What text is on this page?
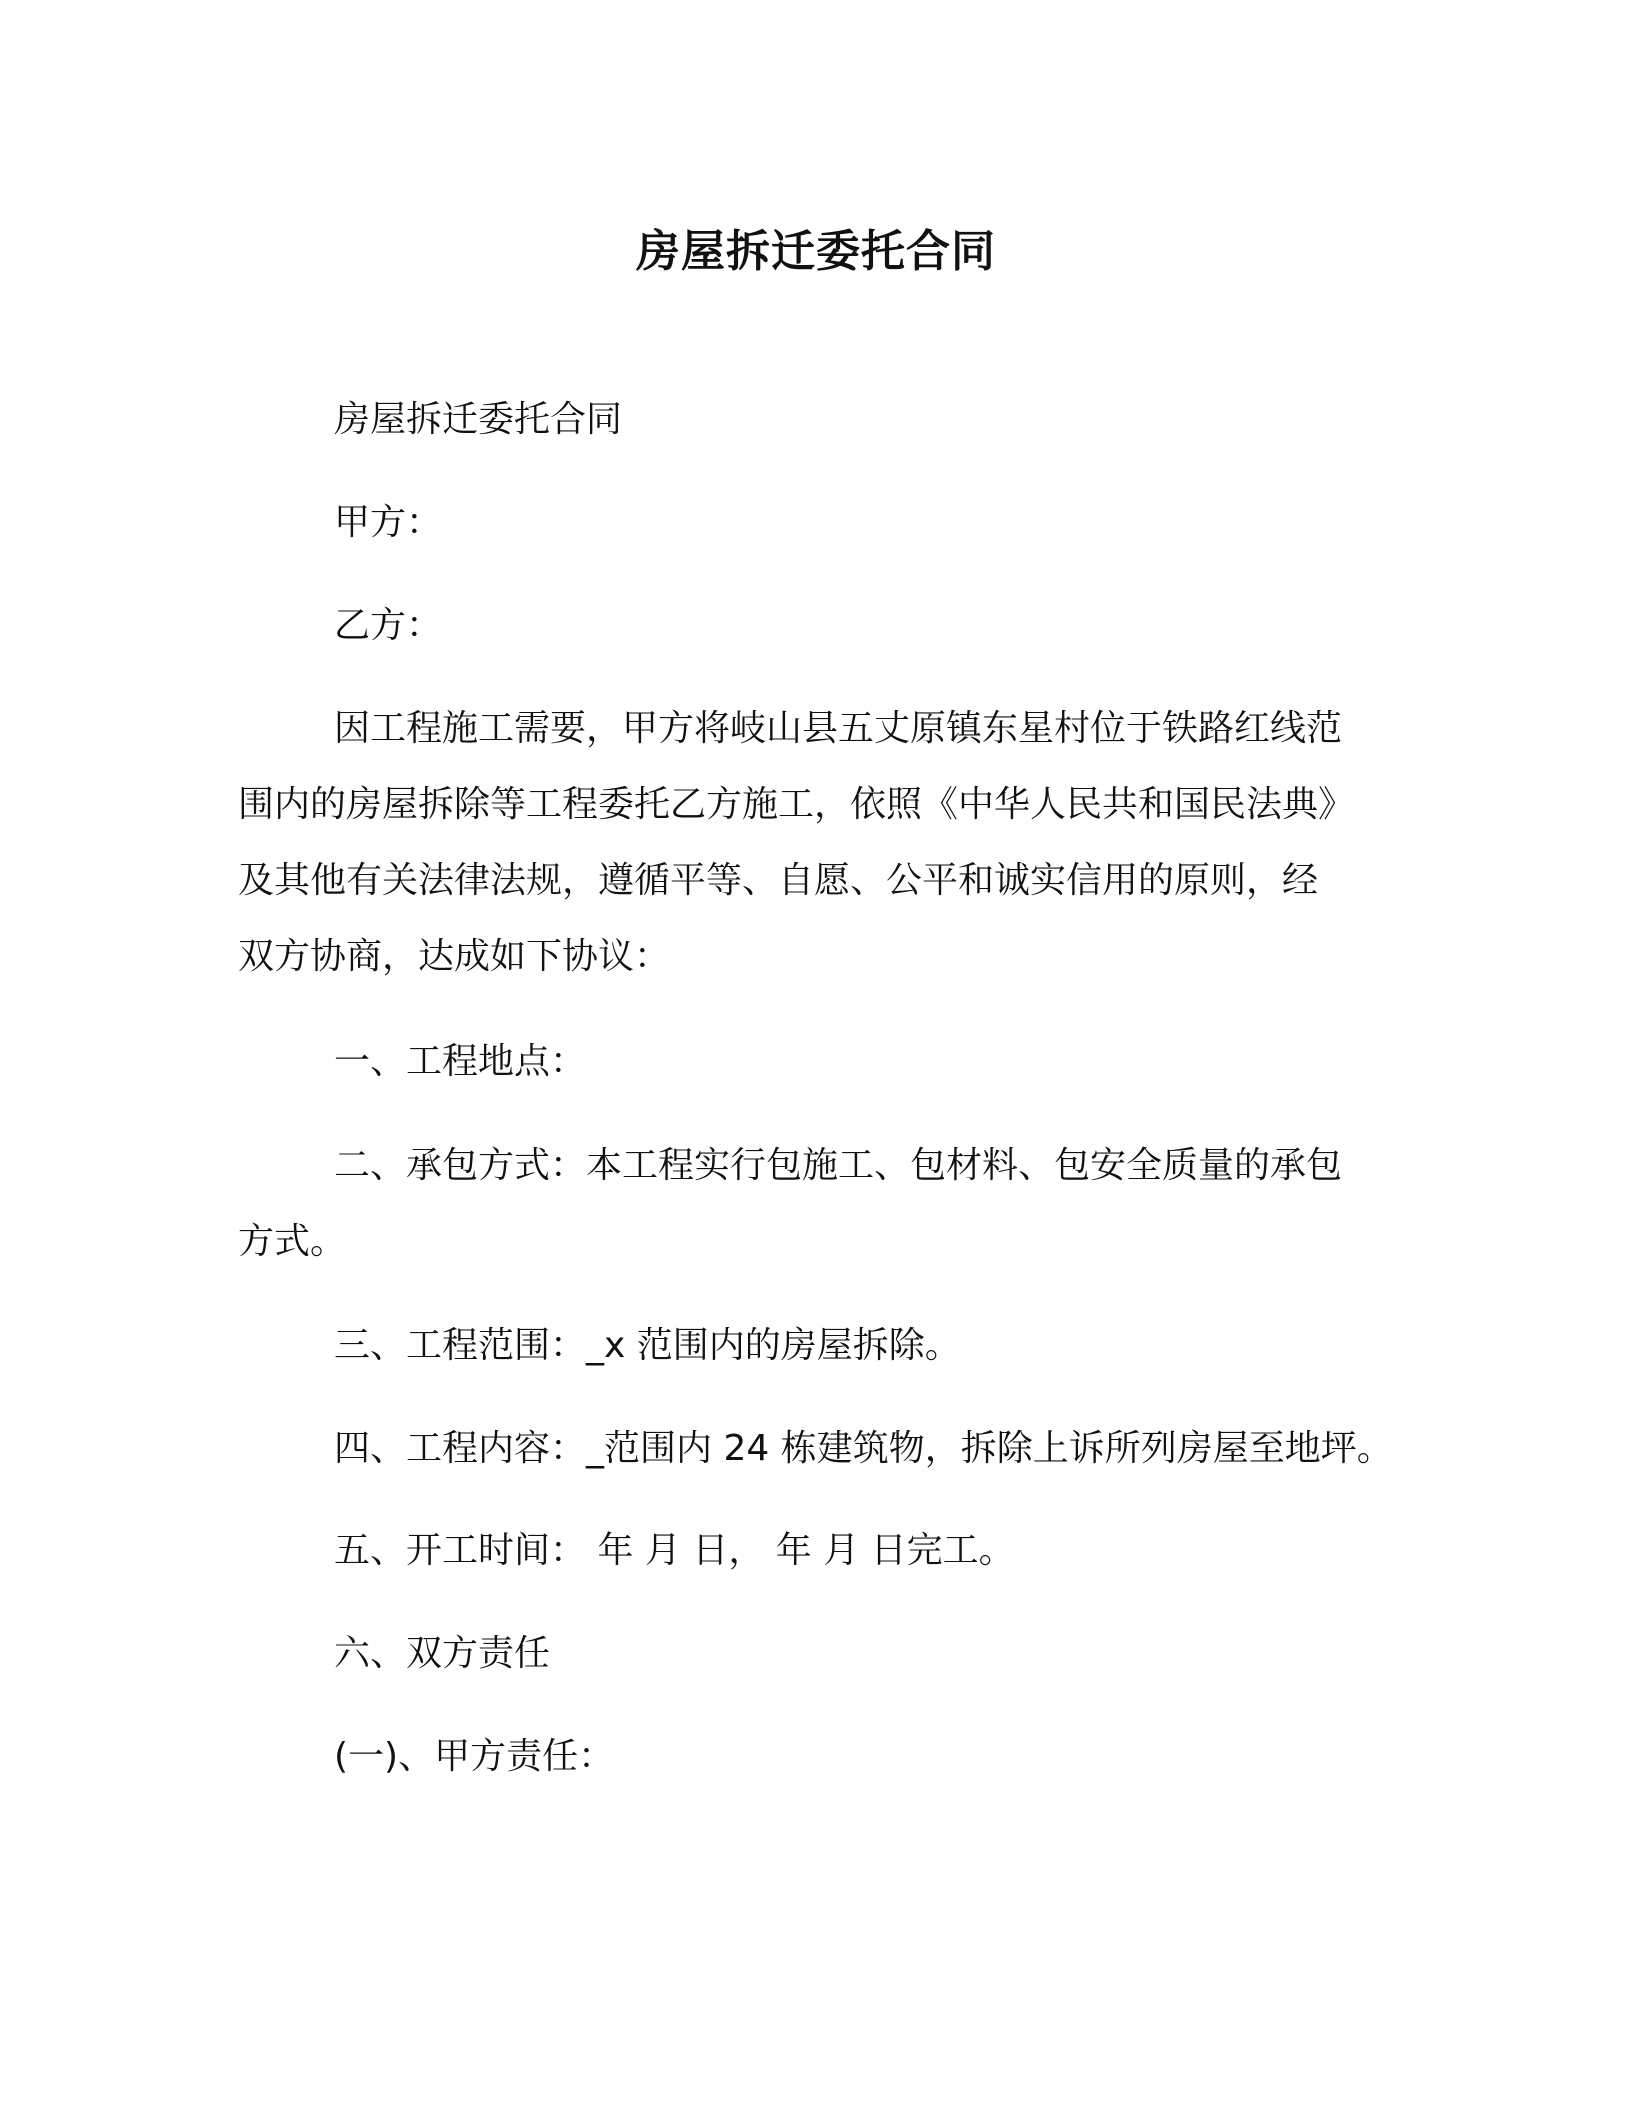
房屋拆迁委托合同
房屋拆迁委托合同
甲方：
乙方：
因工程施工需要，甲方将岐山县五丈原镇东星村位于铁路红线范
围内的房屋拆除等工程委托乙方施工，依照《中华人民共和国民法典》
及其他有关法律法规，遵循平等、自愿、公平和诚实信用的原则，经
双方协商，达成如下协议：
一、工程地点：
二、承包方式：本工程实行包施工、包材料、包安全质量的承包
方式。
三、工程范围：_x 范围内的房屋拆除。
四、工程内容：_范围内 24 栋建筑物，拆除上诉所列房屋至地坪。
五、开工时间： 年 月 日， 年 月 日完工。
六、双方责任
(一)、甲方责任：
